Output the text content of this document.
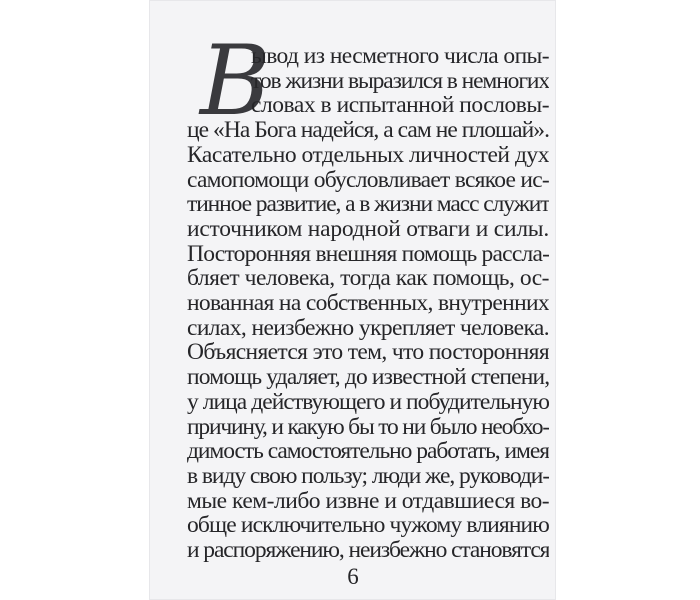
В

ывод из несметного числа опы-

тов жизни выразился в немногих

словах в испытанной пословы-

це «На Бога надейся, а сам не плошай».

Касательно отдельных личностей дух

самопомощи обусловливает всякое ис-

тинное развитие, а в жизни масс служит

источником народной отваги и силы.

Посторонняя внешняя помощь расcла-

бляет человека, тогда как помощь, ос-

нованная на собственных, внутренних

силах, неизбежно укрепляет человека.

Объясняется это тем, что посторонняя

помощь удаляет, до известной степени,

у лица действующего и побудительную

причину, и какую бы то ни было необхо-

димость самостоятельно работать, имея

в виду свою пользу; люди же, руководи-

мые кем-либо извне и отдавшиеся во-

обще исключительно чужому влиянию

и распоряжению, неизбежно становятся

6
